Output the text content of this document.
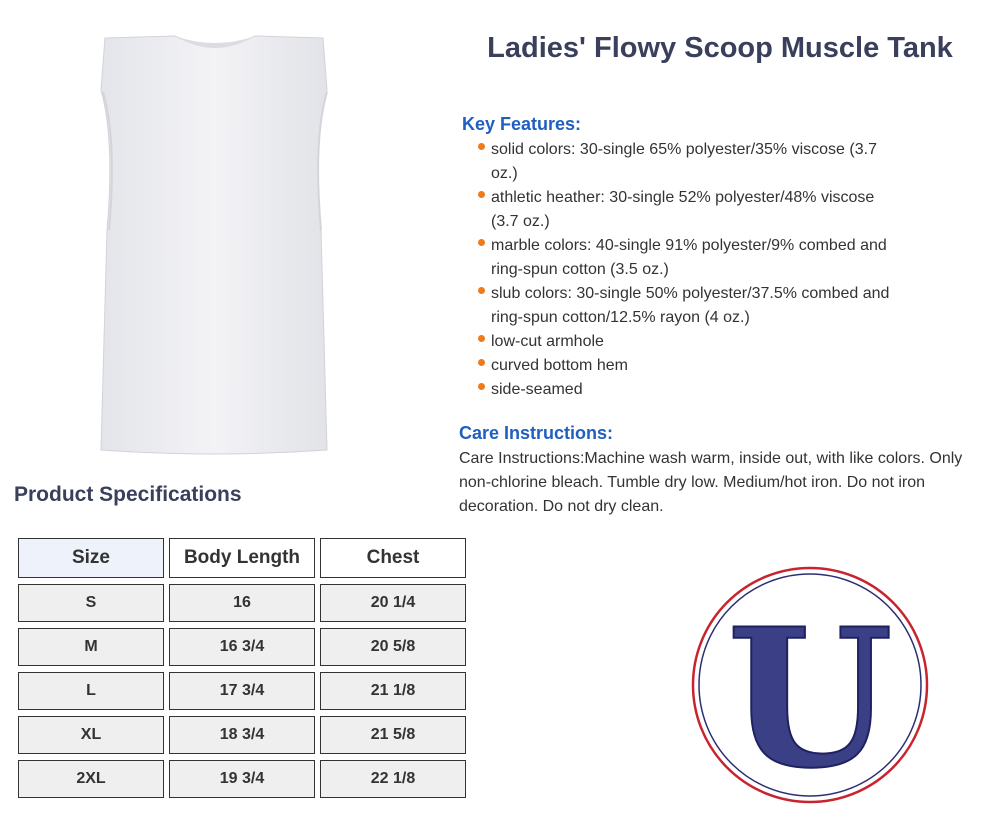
Ladies' Flowy Scoop Muscle Tank
Key Features:
solid colors: 30-single 65% polyester/35% viscose (3.7 oz.)
athletic heather: 30-single 52% polyester/48% viscose (3.7 oz.)
marble colors: 40-single 91% polyester/9% combed and ring-spun cotton (3.5 oz.)
slub colors: 30-single 50% polyester/37.5% combed and ring-spun cotton/12.5% rayon (4 oz.)
low-cut armhole
curved bottom hem
side-seamed
Care Instructions:
Care Instructions:Machine wash warm, inside out, with like colors. Only non-chlorine bleach. Tumble dry low. Medium/hot iron. Do not iron decoration. Do not dry clean.
Product Specifications
Size	Body Length	Chest
S	16	20 1/4
M	16 3/4	20 5/8
L	17 3/4	21 1/8
XL	18 3/4	21 5/8
2XL	19 3/4	22 1/8 U
